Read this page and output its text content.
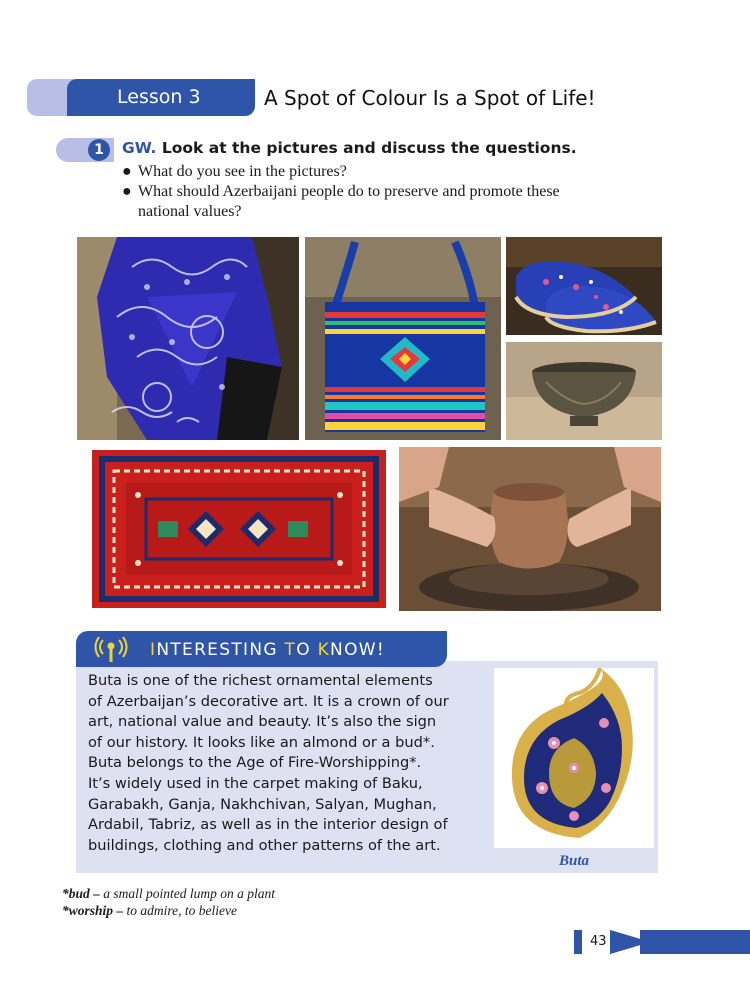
Lesson 3	A Spot of Colour Is a Spot of Life!
1	GW. Look at the pictures and discuss the questions.
● What do you see in the pictures?
● What should Azerbaijani people do to preserve and promote these
national values?
INTERESTING TO KNOW!
Buta is one of the richest ornamental elements
of Azerbaijan’s decorative art. It is a crown of our
art, national value and beauty. It’s also the sign
of our history. It looks like an almond or a bud*.
Buta belongs to the Age of Fire-Worshipping*.
It’s widely used in the carpet making of Baku,
Garabakh, Ganja, Nakhchivan, Salyan, Mughan,
Ardabil, Tabriz, as well as in the interior design of
buildings, clothing and other patterns of the art.
Buta
*bud – a small pointed lump on a plant
*worship – to admire, to believe
43
